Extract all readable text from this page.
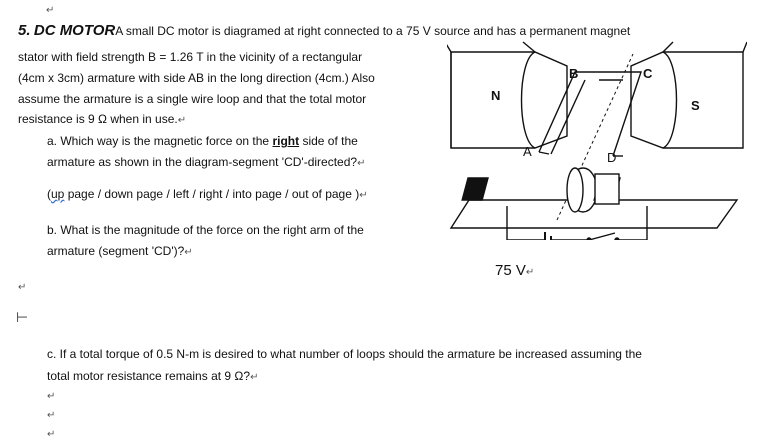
↵
5. DC MOTORA small DC motor is diagramed at right connected to a 75 V source and has a permanent magnet
stator with field strength B = 1.26 T in the vicinity of a rectangular
(4cm x 3cm) armature with side AB in the long direction (4cm.) Also
assume the armature is a single wire loop and that the total motor
resistance is 9 Ω when in use.↵
a. Which way is the magnetic force on the right side of the
armature as shown in the diagram-segment 'CD'-directed?↵
(up page / down page / left / right / into page / out of page )↵
b. What is the magnitude of the force on the right arm of the
armature (segment 'CD')?↵
↵
⊢
c. If a total torque of 0.5 N-m is desired to what number of loops should the armature be increased assuming the
total motor resistance remains at 9 Ω?↵
↵
↵
↵
N
S
A
B	C
D
75 V↵
